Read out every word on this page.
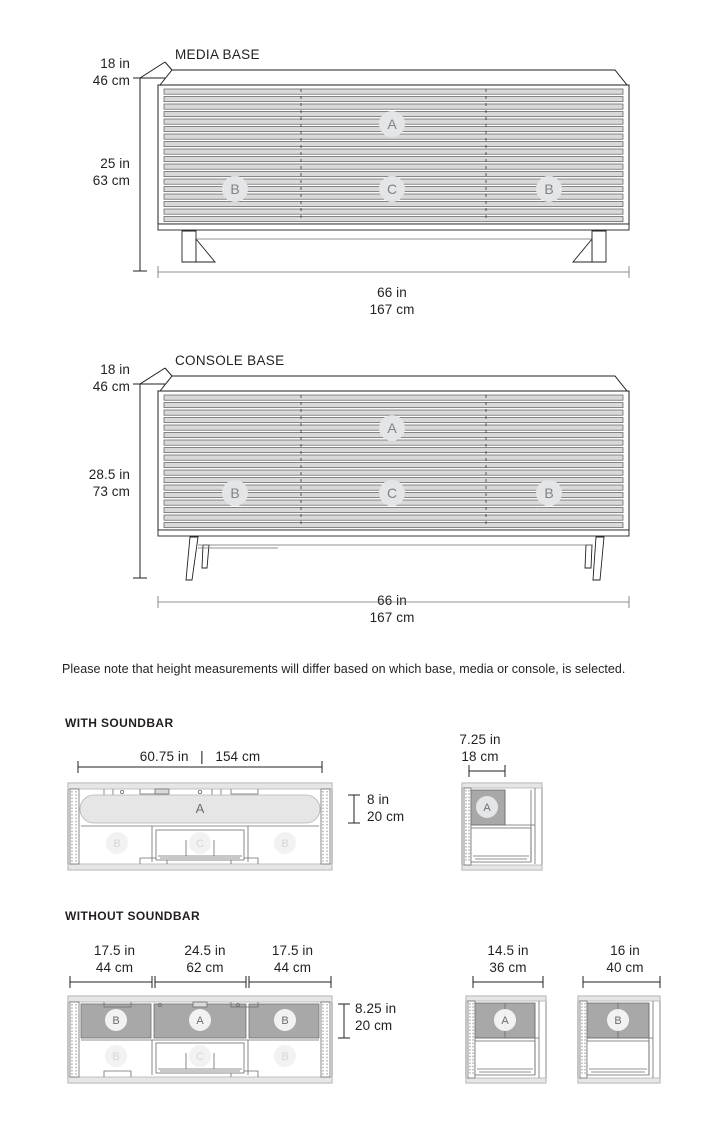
MEDIA BASE
18 in
46 cm
25 in
63 cm
66 in
167 cm
A
B	C	B
CONSOLE BASE
18 in
46 cm
28.5 in
73 cm
66 in
167 cm
A
B	C	B
Please note that height measurements will differ based on which base, media or console, is selected.
WITH SOUNDBAR
60.75 in   |   154 cm
8 in
20 cm
7.25 in
18 cm
A
B	C	B
A
WITHOUT SOUNDBAR
17.5 in
44 cm
24.5 in
62 cm
17.5 in
44 cm
8.25 in
20 cm
14.5 in
36 cm
16 in
40 cm
B	A	B
B	C	B
A	B
